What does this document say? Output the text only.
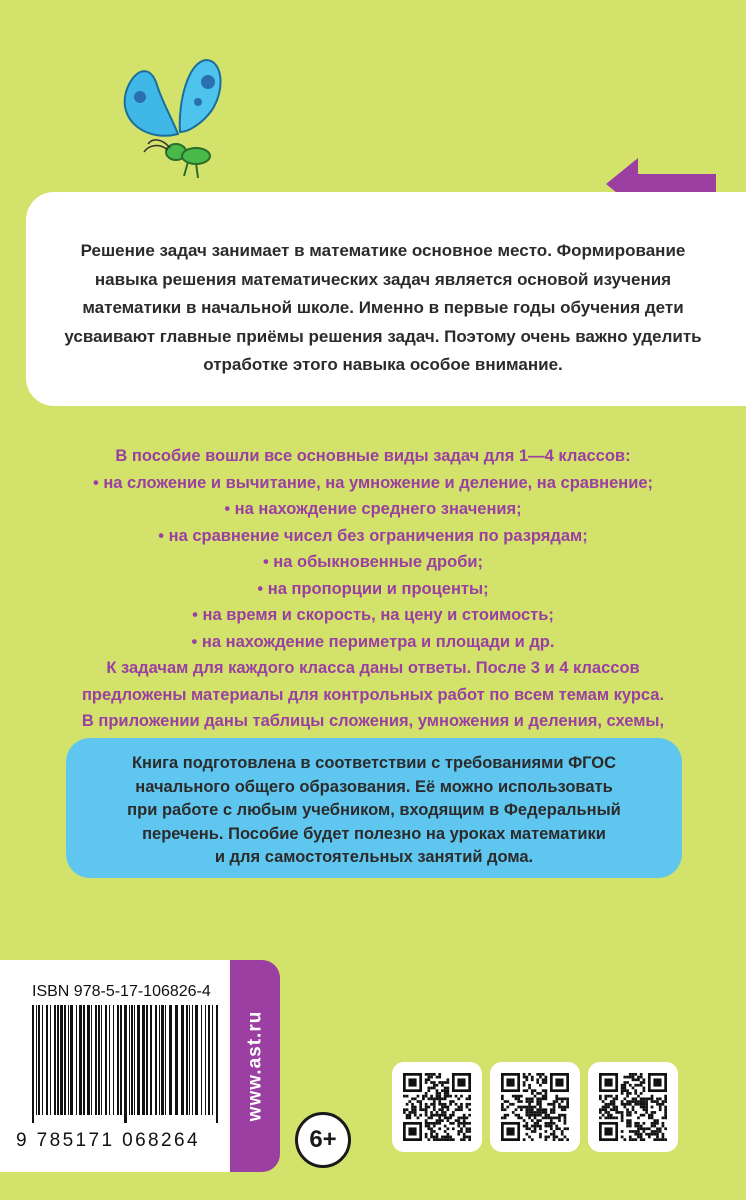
Решение задач занимает в математике основное место. Формирование навыка решения математических задач является основой изучения математики в начальной школе. Именно в первые годы обучения дети усваивают главные приёмы решения задач. Поэтому очень важно уделить отработке этого навыка особое внимание.

В пособие вошли все основные виды задач для 1—4 классов:
• на сложение и вычитание, на умножение и деление, на сравнение;
• на нахождение среднего значения;
• на сравнение чисел без ограничения по разрядам;
• на обыкновенные дроби;
• на пропорции и проценты;
• на время и скорость, на цену и стоимость;
• на нахождение периметра и площади и др.
К задачам для каждого класса даны ответы. После 3 и 4 классов
предложены материалы для контрольных работ по всем темам курса.
В приложении даны таблицы сложения, умножения и деления, схемы,
Книга подготовлена в соответствии с требованиями ФГОС
начального общего образования. Её можно использовать
при работе с любым учебником, входящим в Федеральный
перечень. Пособие будет полезно на уроках математики
и для самостоятельных занятий дома.
ISBN 978-5-17-106826-4
9 785171 068264
www.ast.ru
6+
